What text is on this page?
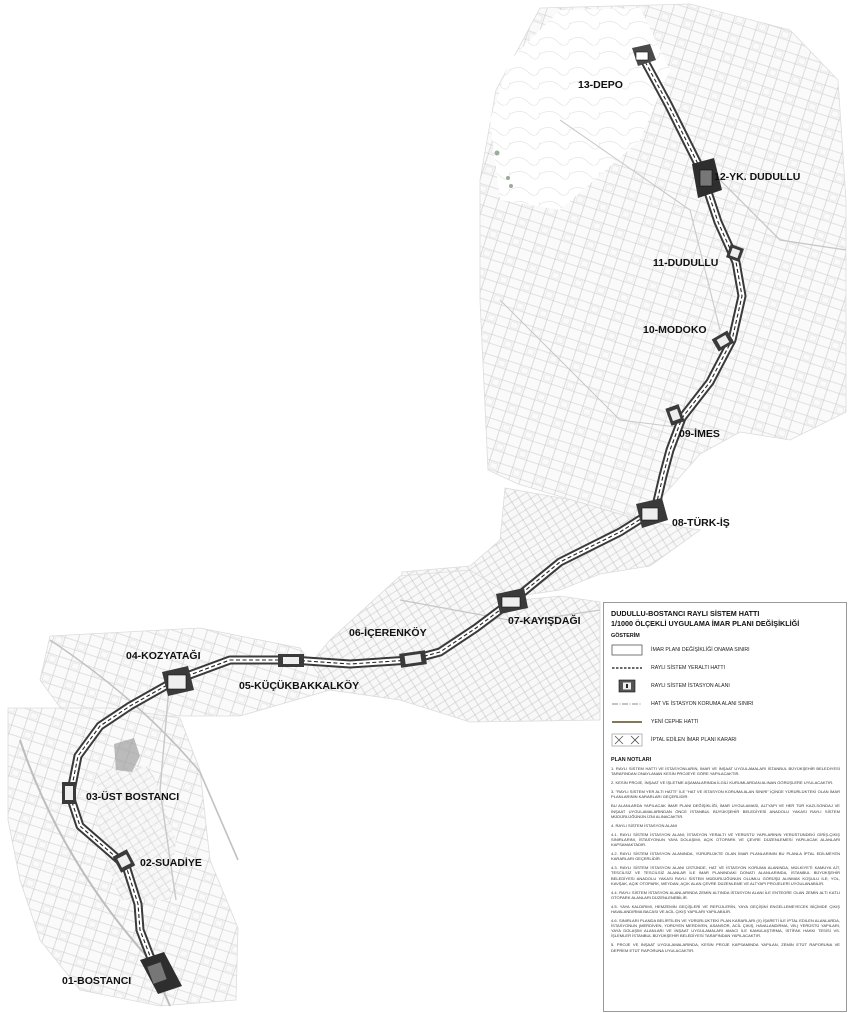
13-DEPO
12-YK. DUDULLU
11-DUDULLU
10-MODOKO
09-İMES
08-TÜRK-İŞ
07-KAYIŞDAĞI
06-İÇERENKÖY
05-KÜÇÜKBAKKALKÖY
04-KOZYATAĞI
03-ÜST BOSTANCI
02-SUADİYE
01-BOSTANCI
DUDULLU-BOSTANCI RAYLI SİSTEM HATTI
1/1000 ÖLÇEKLİ UYGULAMA İMAR PLANI DEĞİŞİKLİĞİ
GÖSTERİM
İMAR PLANI DEĞİŞİKLİĞİ ONAMA SINIRI
RAYLI SİSTEM YERALTI HATTI
RAYLI SİSTEM İSTASYON ALANI
HAT VE İSTASYON KORUMA ALANI SINIRI
YENİ CEPHE HATTI
İPTAL EDİLEN İMAR PLANI KARARI
PLAN NOTLARI
1. RAYLI SİSTEM HATTI VE İSTASYONLARIN, İMAR VE İNŞAAT UYGULAMALARI İSTANBUL BÜYÜKŞEHİR BELEDİYESİ TARAFINDAN ONAYLANAN KESİN PROJEYE GÖRE YAPILACAKTIR.
2. KESİN PROJE, İNŞAAT VE İŞLETME AŞAMALARINDA İLGİLİ KURUMLARDAN ALINAN GÖRÜŞLERE UYULACAKTIR.
3. "RAYLI SİSTEM YER ALTI HATTI" İLE "HAT VE İSTASYON KORUMA ALAN SINIRI" İÇİNDE YÜRÜRLÜKTEKİ OLAN İMAR PLANLARININ KARARLARI GEÇERLİDİR.
BU ALANLARDA YAPILACAK İMAR PLANI DEĞİŞİKLİĞİ, İMAR UYGULAMASI, ALTYAPI VE HER TÜR KAZI-SONDAJ VE İNŞAAT UYGULAMALARINDAN ÖNCE İSTANBUL BÜYÜKŞEHİR BELEDİYESİ ANADOLU YAKASI RAYLI SİSTEM MÜDÜRLÜĞÜNÜN İZNİ ALINACAKTIR.
4. RAYLI SİSTEM İSTASYON ALANI
4.1. RAYLI SİSTEM İSTASYON ALANI; İSTASYON YERALTI VE YERÜSTÜ YAPILARININ YERÜSTÜNDEKİ GİRİŞ-ÇIKIŞ SINIRLARINI, İSTASYONUN YAYA DOLAŞIMI, AÇIK OTOPARK VE ÇEVRE DÜZENLEMESİ YAPILACAK ALANLARI KAPSAMAKTADIR.
4.2. RAYLI SİSTEM İSTASYON ALANINDA, YÜRÜRLÜKTE OLAN İMAR PLANLARININ BU PLANLA İPTAL EDİLMEYEN KARARLARI GEÇERLİDİR.
4.3. RAYLI SİSTEM İSTASYON ALANI ÜSTÜNDE, HAT VE İSTASYON KORUMA ALANINDA, MÜLKİYETİ KAMUYA AİT, TESCİLSİZ VE TESCİLSİZ ALANLAR İLE İMAR PLANINDAKİ DONATI ALANLARINDA, İSTANBUL BÜYÜKŞEHİR BELEDİYESİ ANADOLU YAKASI RAYLI SİSTEM MÜDÜRLÜĞÜNÜN OLUMLU GÖRÜŞÜ ALINMAK KOŞULU İLE; YOL, KAVŞAK, AÇIK OTOPARK, MEYDAN, AÇIK ALAN ÇEVRE DÜZENLEME VE ALTYAPI PROJELERİ UYGULANABİLİR.
4.4. RAYLI SİSTEM İSTASYON ALANLARINDA ZEMİN ALTINDA İSTASYON ALANI İLE ENTEGRE OLAN ZEMİN ALTI KATLI OTOPARK ALANLARI DÜZENLENEBİLİR.
4.5. YAYA KALDIRIMI, HEMZEMİN GEÇİŞLERİ VE REFÜJLERİN, YAYA GEÇİŞİNİ ENGELLEMEYECEK BİÇİMDE ÇIKIŞ HAVALANDIRMA BACASI VE ACİL ÇIKIŞ YAPILARI YAPILABİLİR.
4.6. SINIRLARI PLANDA BELİRTİLEN VE YÜRÜRLÜKTEKİ PLAN KARARLARI (X) İŞARETİ İLE İPTAL EDİLEN ALANLARDA, İSTASYONUN (MERDİVEN, YÜRÜYEN MERDİVEN, ASANSÖR, ACİL ÇIKIŞ, HAVALANDIRMA, VB.) YERÜSTÜ YAPILARI, YAYA DOLAŞIM ALANLARI VE İNŞAAT UYGULAMALARI AMACI İLE KAMULAŞTIRMA, İSTİFAK HAKKI TESİSİ VS. İŞLEMLER İSTANBUL BÜYÜKŞEHİR BELEDİYESİ TARAFINDAN YAPILACAKTIR.
5. PROJE VE İNŞAAT UYGULAMALARINDA, KESİN PROJE KAPSAMINDA YAPILAN, ZEMİN ETÜT RAPORUNA VE DEPREM ETÜT RAPORUNA UYULACAKTIR.
